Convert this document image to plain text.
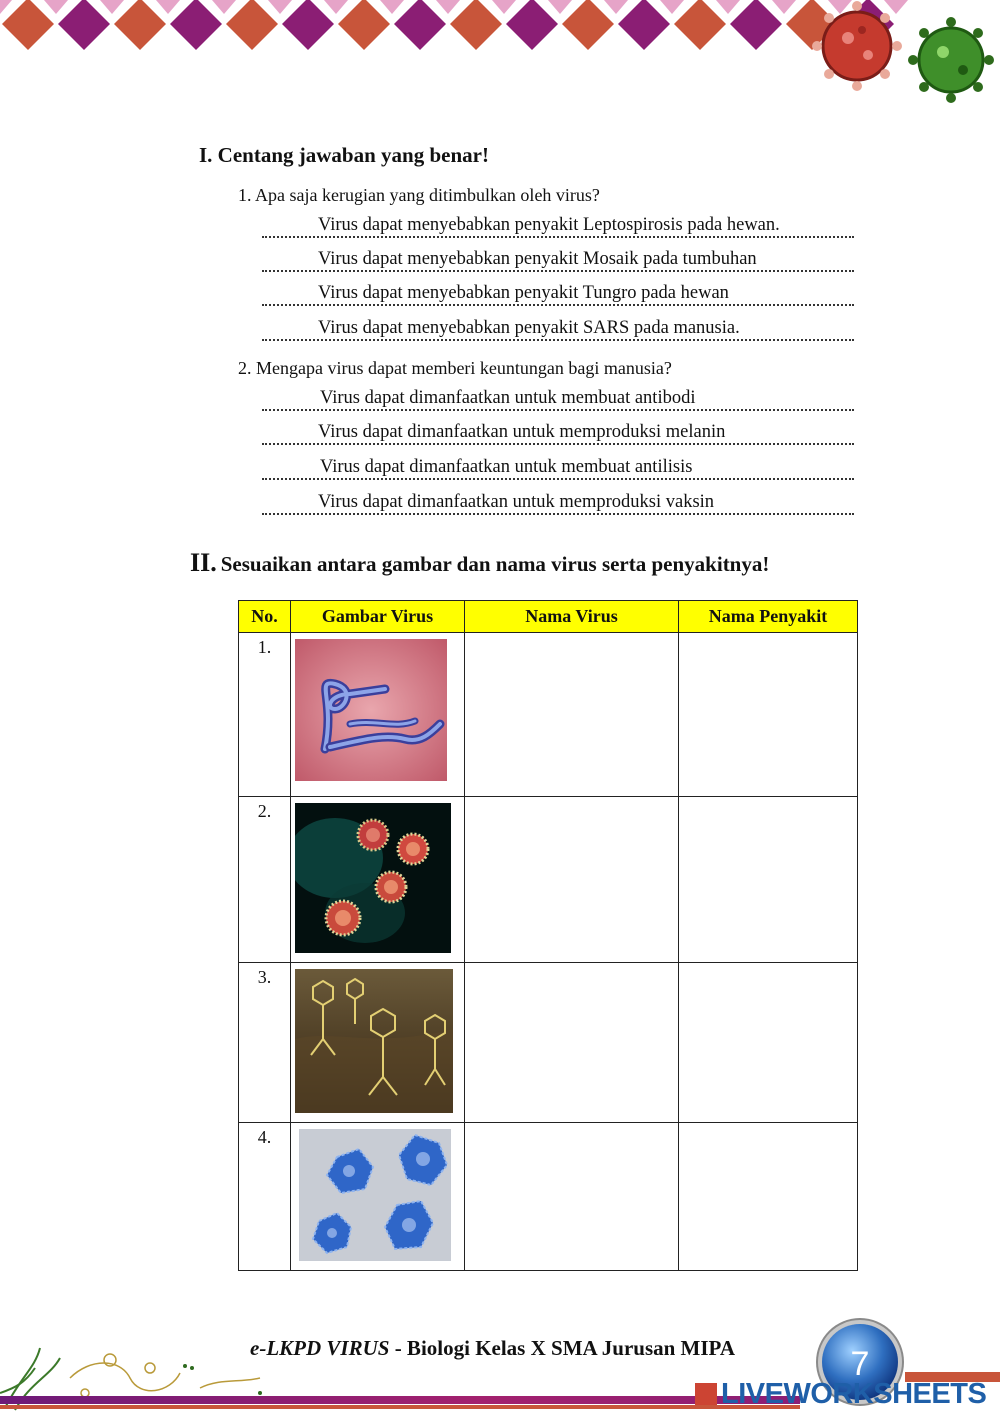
I. Centang jawaban yang benar!
1. Apa saja kerugian yang ditimbulkan oleh virus?
Virus dapat menyebabkan penyakit Leptospirosis pada hewan.
Virus dapat menyebabkan penyakit Mosaik pada tumbuhan
Virus dapat menyebabkan penyakit Tungro pada hewan
Virus dapat menyebabkan penyakit SARS pada manusia.
2. Mengapa virus dapat memberi keuntungan bagi manusia?
Virus dapat dimanfaatkan untuk membuat antibodi
Virus dapat dimanfaatkan untuk memproduksi melanin
Virus dapat dimanfaatkan untuk membuat antilisis
Virus dapat dimanfaatkan untuk memproduksi vaksin
II. Sesuaikan antara gambar dan nama virus serta penyakitnya!
No.	Gambar Virus	Nama Virus	Nama Penyakit
1.			
2.			
3.			
4.			
e-LKPD VIRUS - Biologi Kelas X SMA Jurusan MIPA	7
LIVEWORKSHEETS
